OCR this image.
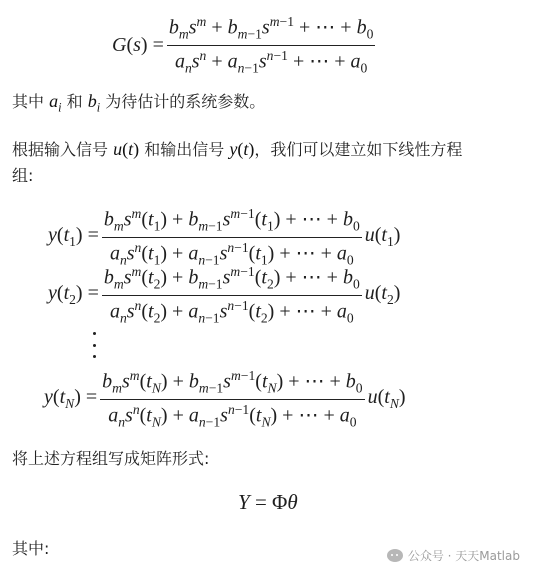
$G(s) = \frac{b_ms^m + b_{m-1}s^{m-1} + \cdots + b_0}{a_ns^n + a_{n-1}s^{n-1} + \cdots + a_0}$
其中 $a_i$ 和 $b_i$ 为待估计的系统参数。
根据输入信号 u(t) 和输出信号 y(t)，我们可以建立如下线性方程
组:
$y(t_1) = \frac{b_ms^m(t_1) + b_{m-1}s^{m-1}(t_1) + \cdots + b_0}{a_ns^n(t_1) + a_{n-1}s^{n-1}(t_1) + \cdots + a_0} u(t_1)$
$y(t_2) = \frac{b_ms^m(t_2) + b_{m-1}s^{m-1}(t_2) + \cdots + b_0}{a_ns^n(t_2) + a_{n-1}s^{n-1}(t_2) + \cdots + a_0} u(t_2)$
$y(t_N) = \frac{b_ms^m(t_N) + b_{m-1}s^{m-1}(t_N) + \cdots + b_0}{a_ns^n(t_N) + a_{n-1}s^{n-1}(t_N) + \cdots + a_0} u(t_N)$
将上述方程组写成矩阵形式:
Y = Φθ
其中:	公众号 · 天天Matlab
